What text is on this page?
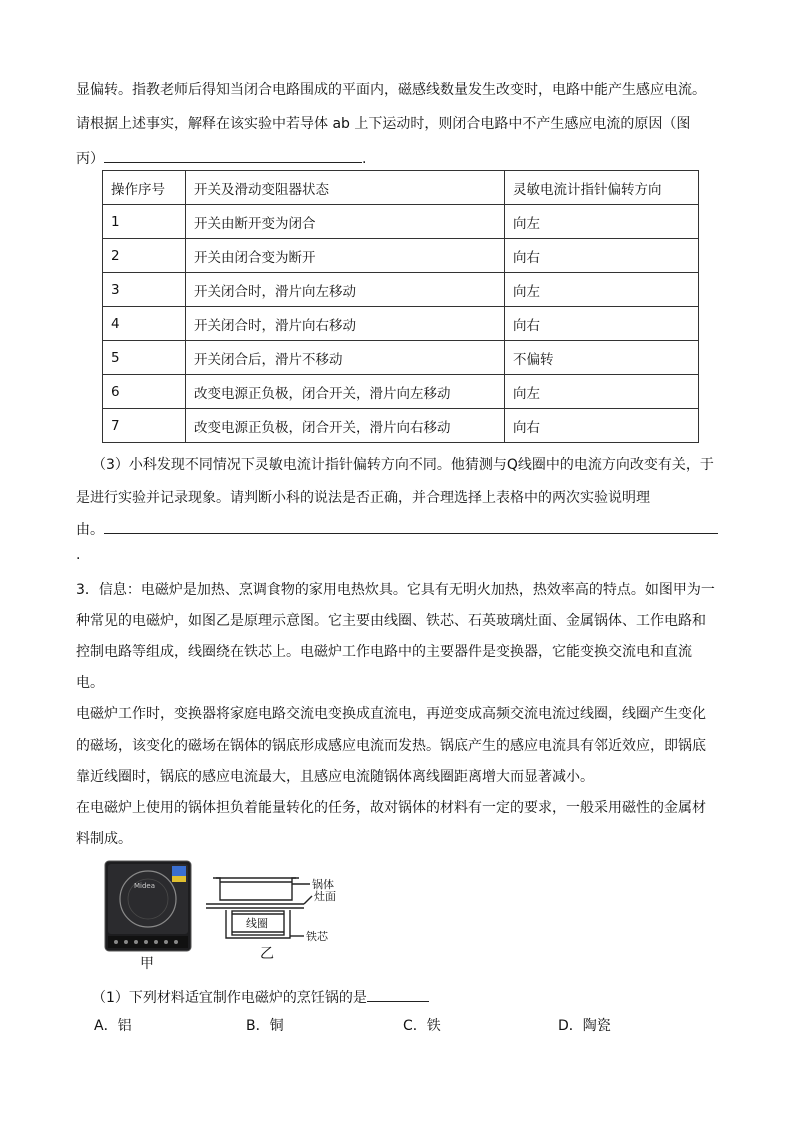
显偏转。指教老师后得知当闭合电路围成的平面内，磁感线数量发生改变时，电路中能产生感应电流。
请根据上述事实，解释在该实验中若导体 ab 上下运动时，则闭合电路中不产生感应电流的原因（图
丙）	.
操作序号	开关及滑动变阻器状态	灵敏电流计指针偏转方向
1	开关由断开变为闭合	向左
2	开关由闭合变为断开	向右
3	开关闭合时，滑片向左移动	向左
4	开关闭合时，滑片向右移动	向右
5	开关闭合后，滑片不移动	不偏转
6	改变电源正负极，闭合开关，滑片向左移动	向左
7	改变电源正负极，闭合开关，滑片向右移动	向右
（3）小科发现不同情况下灵敏电流计指针偏转方向不同。他猜测与Q线圈中的电流方向改变有关，于
是进行实验并记录现象。请判断小科的说法是否正确，并合理选择上表格中的两次实验说明理
由。
.
3．信息：电磁炉是加热、烹调食物的家用电热炊具。它具有无明火加热，热效率高的特点。如图甲为一
种常见的电磁炉，如图乙是原理示意图。它主要由线圈、铁芯、石英玻璃灶面、金属锅体、工作电路和
控制电路等组成，线圈绕在铁芯上。电磁炉工作电路中的主要器件是变换器，它能变换交流电和直流
电。
电磁炉工作时，变换器将家庭电路交流电变换成直流电，再逆变成高频交流电流过线圈，线圈产生变化
的磁场，该变化的磁场在锅体的锅底形成感应电流而发热。锅底产生的感应电流具有邻近效应，即锅底
靠近线圈时，锅底的感应电流最大，且感应电流随锅体离线圈距离增大而显著减小。
在电磁炉上使用的锅体担负着能量转化的任务，故对锅体的材料有一定的要求，一般采用磁性的金属材
料制成。
Midea
甲
锅体
灶面
线圈
铁芯
乙
（1）下列材料适宜制作电磁炉的烹饪锅的是
A．铝	B．铜	C．铁	D．陶瓷
